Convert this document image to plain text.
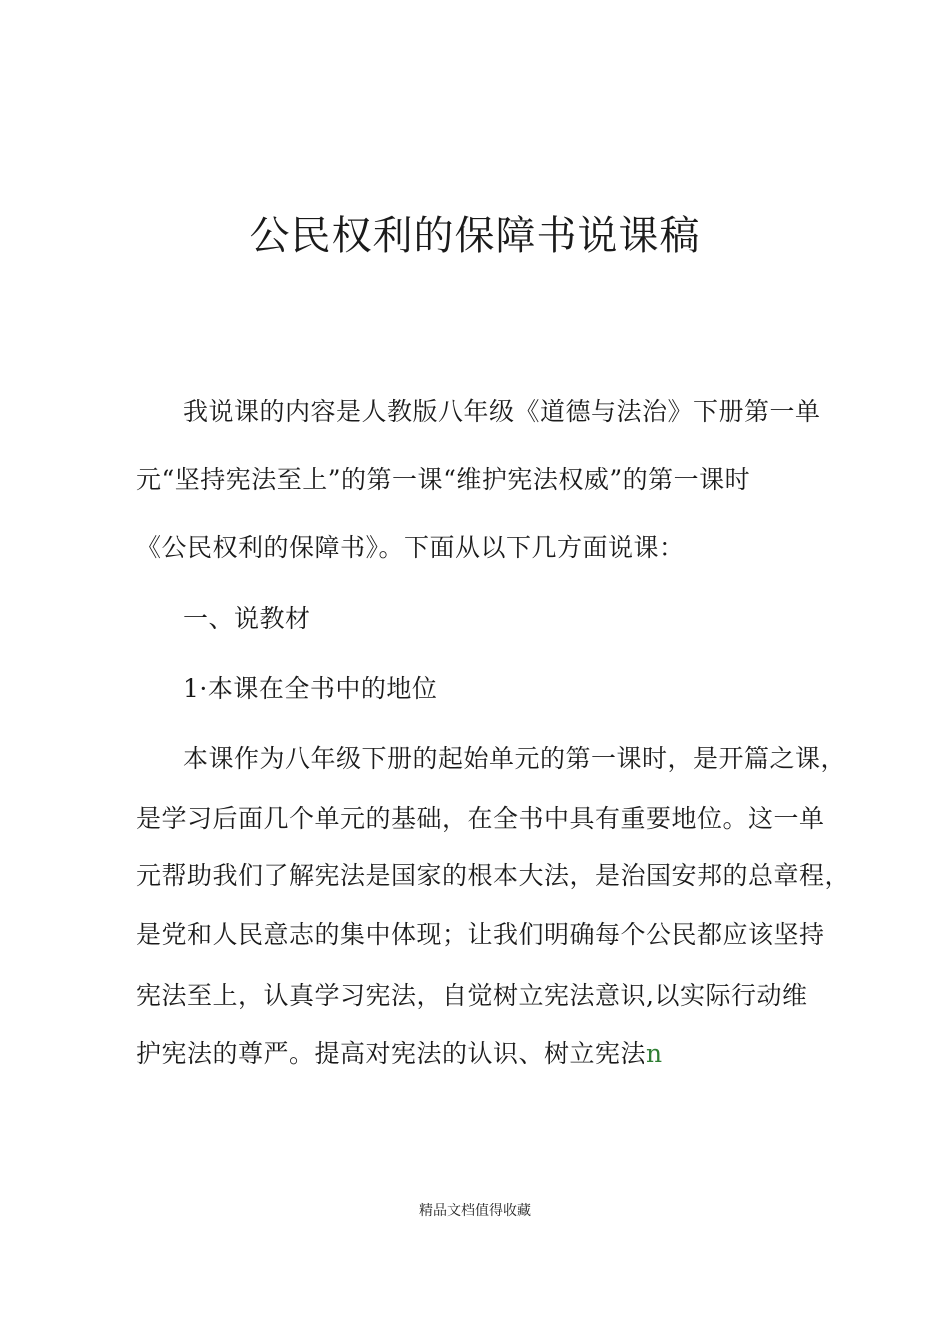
公民权利的保障书说课稿
我说课的内容是人教版八年级《道德与法治》下册第一单
元“坚持宪法至上”的第一课“维护宪法权威”的第一课时
《公民权利的保障书》。下面从以下几方面说课：
一、说教材
1·本课在全书中的地位
本课作为八年级下册的起始单元的第一课时，是开篇之课，
是学习后面几个单元的基础，在全书中具有重要地位。这一单
元帮助我们了解宪法是国家的根本大法，是治国安邦的总章程，
是党和人民意志的集中体现；让我们明确每个公民都应该坚持
宪法至上，认真学习宪法，自觉树立宪法意识,以实际行动维
护宪法的尊严。提高对宪法的认识、树立宪法n
精品文档值得收藏
